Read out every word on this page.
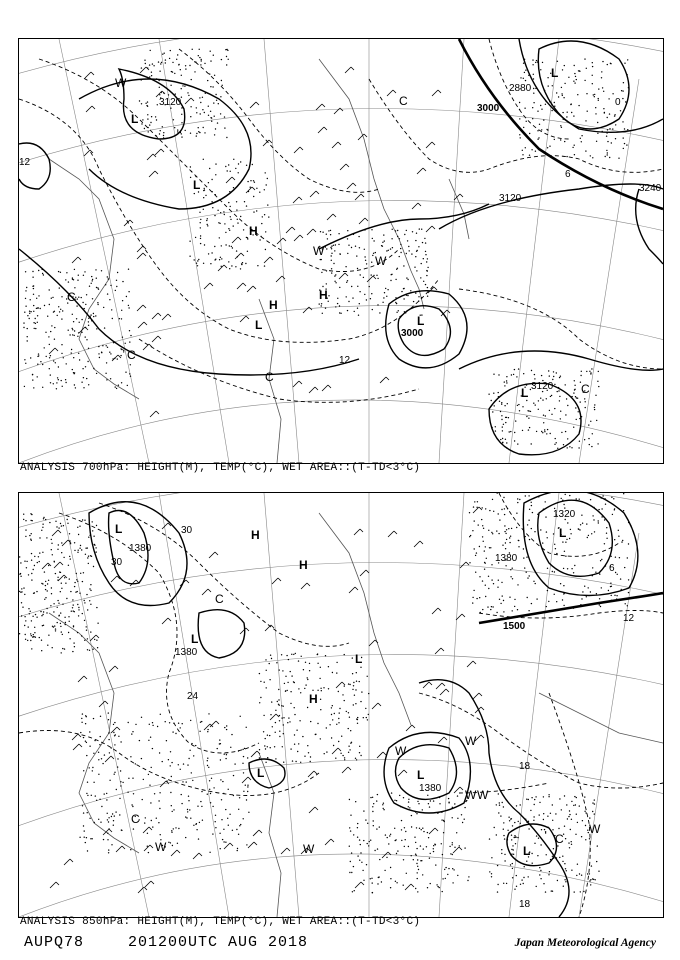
3120
3000
2880
3120
3240
3000
3120
12
12
0
6
L
L
L	L
L
L
H
H
H
C
C
C
C
W
W
W
C
ANALYSIS 700hPa: HEIGHT(M), TEMP(°C), WET AREA::(T-TD<3°C)
1380
1380
1380
1380
1320
1500
30
30
24
18
12
6
18
L
L
L	L
L
L
L
H
H
H
C
C
C
W
W
W W
W	W
W
ANALYSIS 850hPa: HEIGHT(M), TEMP(°C), WET AREA::(T-TD<3°C)
AUPQ78	201200UTC AUG 2018	Japan Meteorological Agency
